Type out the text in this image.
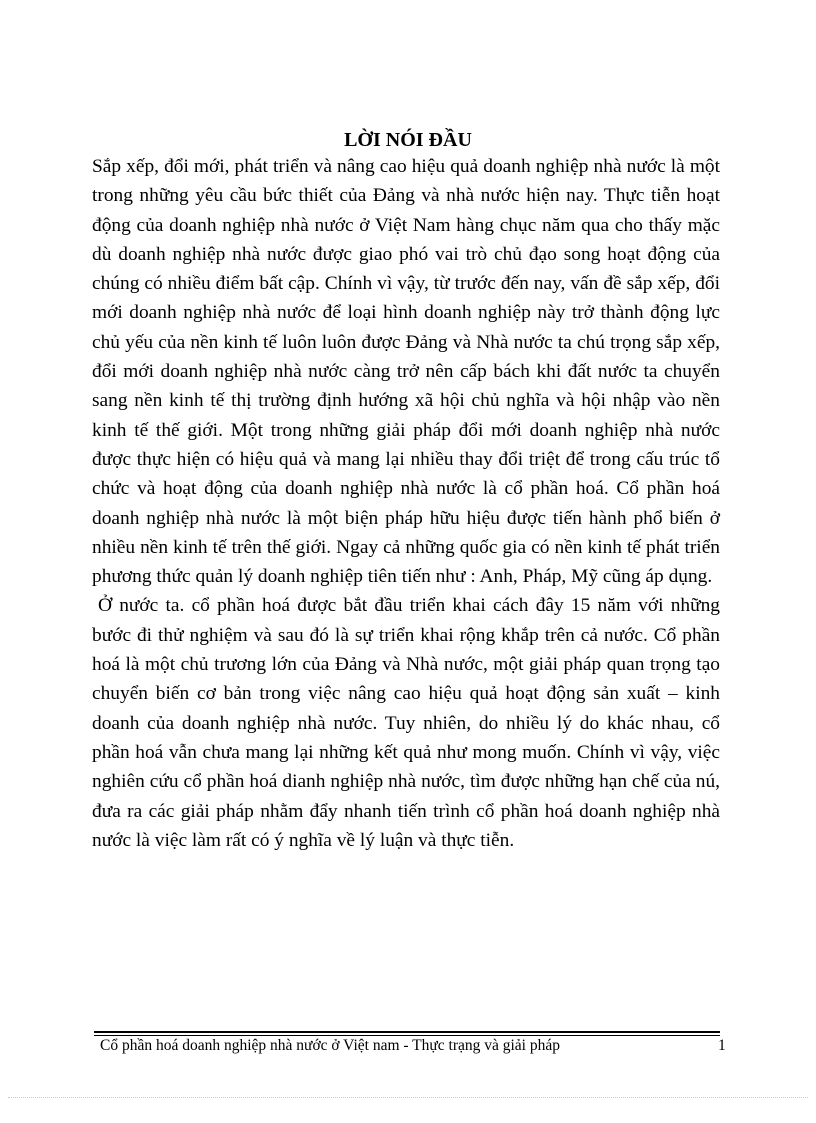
LỜI NÓI ĐẦU

Sắp xếp, đổi mới, phát triển và nâng cao hiệu quả doanh nghiệp nhà nước là một trong những yêu cầu bức thiết của Đảng và nhà nước hiện nay. Thực tiễn hoạt động của doanh nghiệp nhà nước ở Việt Nam hàng chục năm qua cho thấy mặc dù doanh nghiệp nhà nước được giao phó vai trò chủ đạo song hoạt động của chúng có nhiều điểm bất cập. Chính vì vậy, từ trước đến nay, vấn đề sắp xếp, đổi mới doanh nghiệp nhà nước để loại hình doanh nghiệp này trở thành động lực chủ yếu của nền kinh tế luôn luôn được Đảng và Nhà nước ta chú trọng sắp xếp, đổi mới doanh nghiệp nhà nước càng trở nên cấp bách khi đất nước ta chuyển sang nền kinh tế thị trường định hướng xã hội chủ nghĩa và hội nhập vào nền kinh tế thế giới. Một trong những giải pháp đổi mới doanh nghiệp nhà nước được thực hiện có hiệu quả và mang lại nhiều thay đổi triệt để trong cấu trúc tổ chức và hoạt động của doanh nghiệp nhà nước là cổ phần hoá. Cổ phần hoá doanh nghiệp nhà nước là một biện pháp hữu hiệu được tiến hành phổ biến ở nhiều nền kinh tế trên thế giới. Ngay cả những quốc gia có nền kinh tế phát triển phương thức quản lý doanh nghiệp tiên tiến như : Anh, Pháp, Mỹ cũng áp dụng.

Ở nước ta. cổ phần hoá được bắt đầu triển khai cách đây 15 năm với những bước đi thử nghiệm và sau đó là sự triển khai rộng khắp trên cả nước. Cổ phần hoá là một chủ trương lớn của Đảng và Nhà nước, một giải pháp quan trọng tạo chuyển biến cơ bản trong việc nâng cao hiệu quả hoạt động sản xuất – kinh doanh của doanh nghiệp nhà nước. Tuy nhiên, do nhiều lý do khác nhau, cổ phần hoá vẫn chưa mang lại những kết quả như mong muốn. Chính vì vậy, việc nghiên cứu cổ phần hoá dianh nghiệp nhà nước, tìm được những hạn chế của nú, đưa ra các giải pháp nhằm đẩy nhanh tiến trình cổ phần hoá doanh nghiệp nhà nước là việc làm rất có ý nghĩa về lý luận và thực tiễn.

Cổ phần hoá doanh nghiệp nhà nước ở Việt nam - Thực trạng và giải pháp	1
